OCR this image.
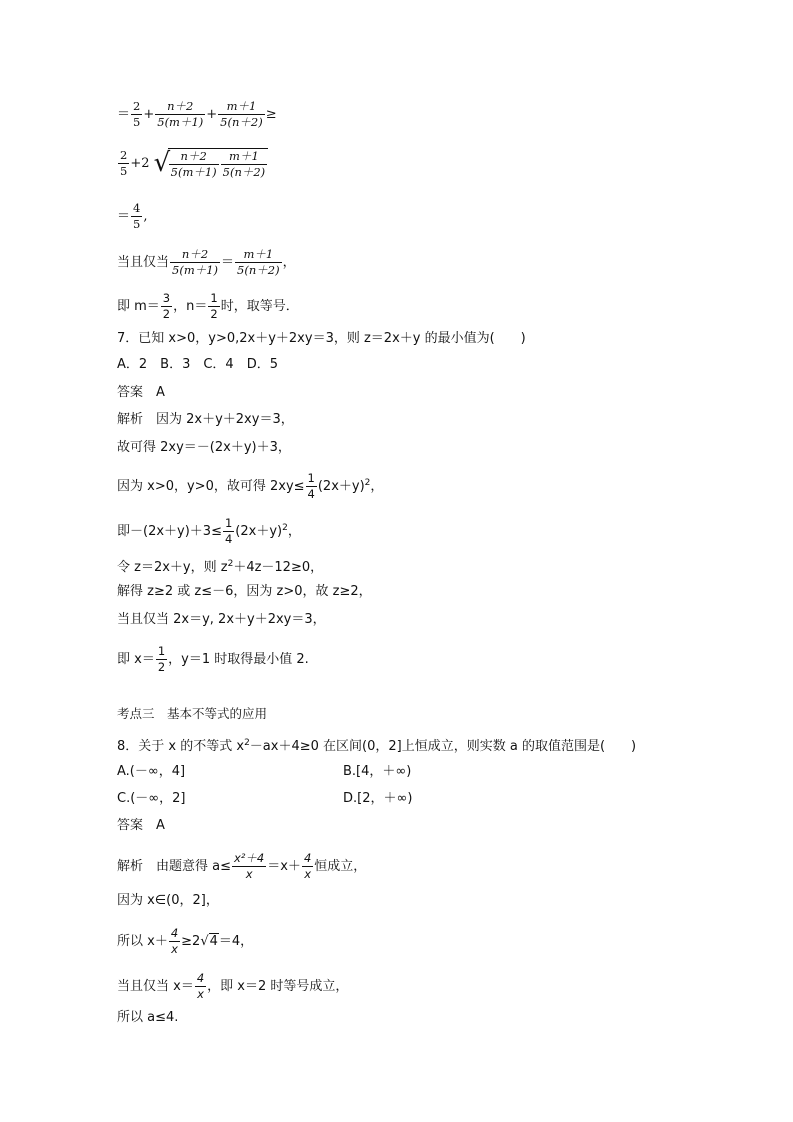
＝ $\frac{2}{5} + \frac{n+2}{5(m+1)} + \frac{m+1}{5(n+2)}$ ≥
$\frac{2}{5} +2$ √
$\frac{n+2}{5(m+1)} \frac{m+1}{5(n+2)}$
＝ $\frac{4}{5}$ ,
当且仅当 $\frac{n+2}{5(m+1)} = \frac{m+1}{5(n+2)}$ ，
即 $m= \frac{3}{2}$ ，$n= \frac{1}{2}$ 时，取等号．
7．已知 x>0，y>0,2x＋y＋2xy＝3，则 z＝2x＋y 的最小值为(　　)
A．2　B．3　C．4　D．5
答案　A
解析　因为 2x＋y＋2xy＝3，
故可得 2xy＝－(2x＋y)＋3，
因为 x>0，y>0，故可得 $2xy\le \frac{1}{4} (2x+y)^2$，
即$-(2x+y)+3\le \frac{1}{4} (2x+y)^2$，
令 z＝2x＋y，则 $z^2+4z-12\ge 0$，
解得 z≥2 或 z≤－6，因为 z>0，故 z≥2，
当且仅当 2x＝y, 2x＋y＋2xy＝3，
即 $x= \frac{1}{2}$ ，y＝1 时取得最小值 2.
考点三　基本不等式的应用
8．关于 x 的不等式 $x^2-ax+4\ge 0$ 在区间(0，2]上恒成立，则实数 a 的取值范围是(　　)
A.(－∞，4]	B.[4，＋∞)
C.(－∞，2]	D.[2，＋∞)
答案　A
解析　由题意得 $a\le \frac{\text{x²＋4}}{x} =x+ \frac{4}{x}$ 恒成立，
因为 x∈(0，2]，
所以 $x+ \frac{4}{x} \ge 2√4=4$，
当且仅当 $x= \frac{4}{x}$ ，即 x＝2 时等号成立，
所以 a≤4.
